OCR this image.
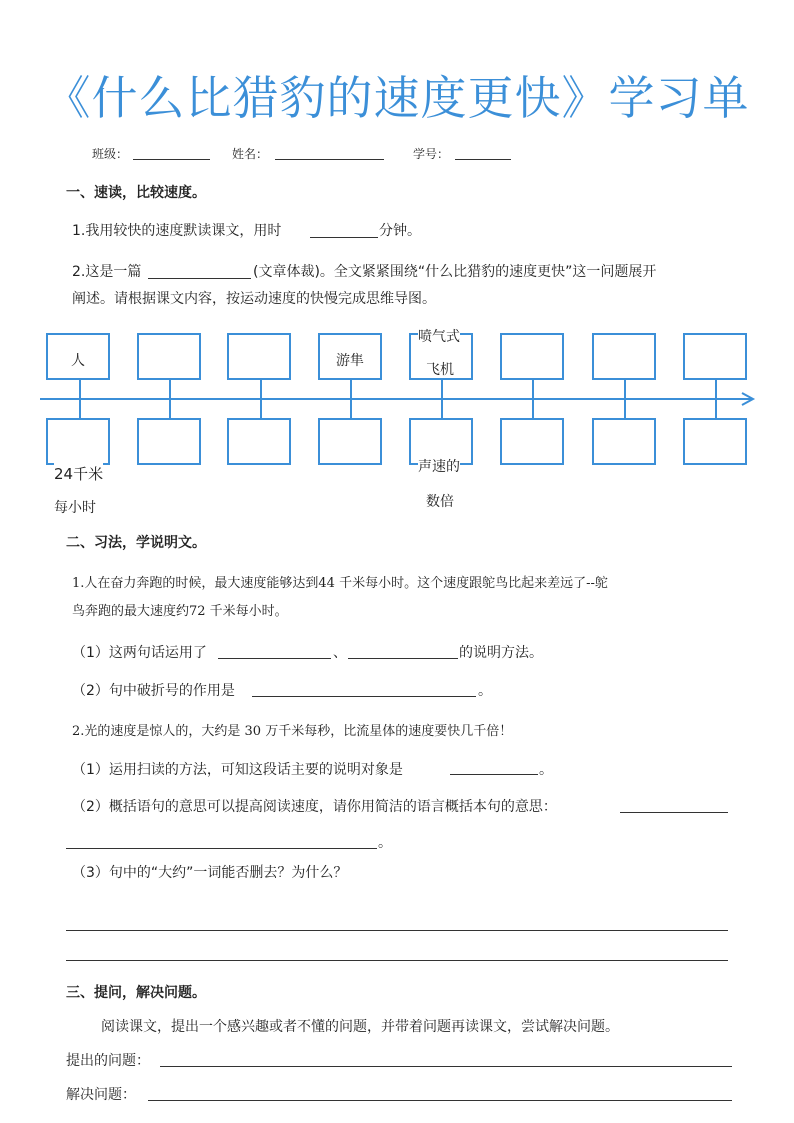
《什么比猎豹的速度更快》学习单
班级：	姓名：	学号：
一、速读，比较速度。
1.我用较快的速度默读课文，用时	分钟。
2.这是一篇	(文章体裁)。全文紧紧围绕“什么比猎豹的速度更快”这一问题展开
阐述。请根据课文内容，按运动速度的快慢完成思维导图。
人	游隼
喷气式
飞机
24千米
每小时
声速的
数倍
二、习法，学说明文。
1.人在奋力奔跑的时候，最大速度能够达到44 千米每小时。这个速度跟鸵鸟比起来差远了--鸵
鸟奔跑的最大速度约72 千米每小时。
（1）这两句话运用了	、	的说明方法。
（2）句中破折号的作用是	。
2.光的速度是惊人的，大约是 30 万千米每秒，比流星体的速度要快几千倍！
（1）运用扫读的方法，可知这段话主要的说明对象是	。
（2）概括语句的意思可以提高阅读速度，请你用简洁的语言概括本句的意思：
。
（3）句中的“大约”一词能否删去？为什么？
三、提问，解决问题。
阅读课文，提出一个感兴趣或者不懂的问题，并带着问题再读课文，尝试解决问题。
提出的问题：
解决问题：
